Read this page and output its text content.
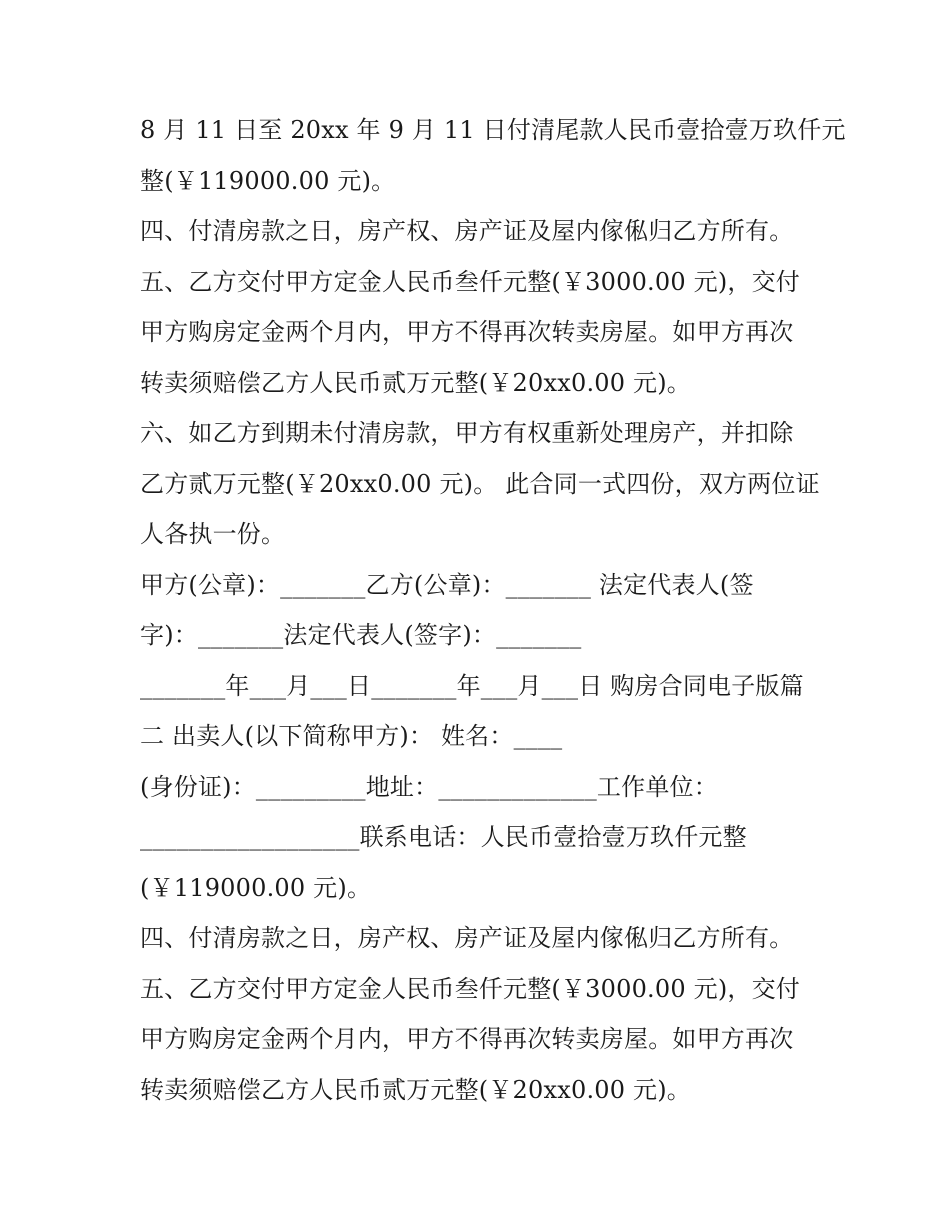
8 月 11 日至 20xx 年 9 月 11 日付清尾款人民币壹拾壹万玖仟元
整(￥119000.00 元)。
四、付清房款之日，房产权、房产证及屋内傢俬归乙方所有。
五、乙方交付甲方定金人民币叁仟元整(￥3000.00 元)，交付
甲方购房定金两个月内，甲方不得再次转卖房屋。如甲方再次
转卖须赔偿乙方人民币贰万元整(￥20xx0.00 元)。
六、如乙方到期未付清房款，甲方有权重新处理房产，并扣除
乙方贰万元整(￥20xx0.00 元)。 此合同一式四份，双方两位证
人各执一份。
甲方(公章)：_______乙方(公章)：_______ 法定代表人(签
字)：_______法定代表人(签字)：_______
_______年___月___日_______年___月___日 购房合同电子版篇
二 出卖人(以下简称甲方)： 姓名：____
(身份证)：_________地址：_____________工作单位：
__________________联系电话：人民币壹拾壹万玖仟元整
(￥119000.00 元)。
四、付清房款之日，房产权、房产证及屋内傢俬归乙方所有。
五、乙方交付甲方定金人民币叁仟元整(￥3000.00 元)，交付
甲方购房定金两个月内，甲方不得再次转卖房屋。如甲方再次
转卖须赔偿乙方人民币贰万元整(￥20xx0.00 元)。
